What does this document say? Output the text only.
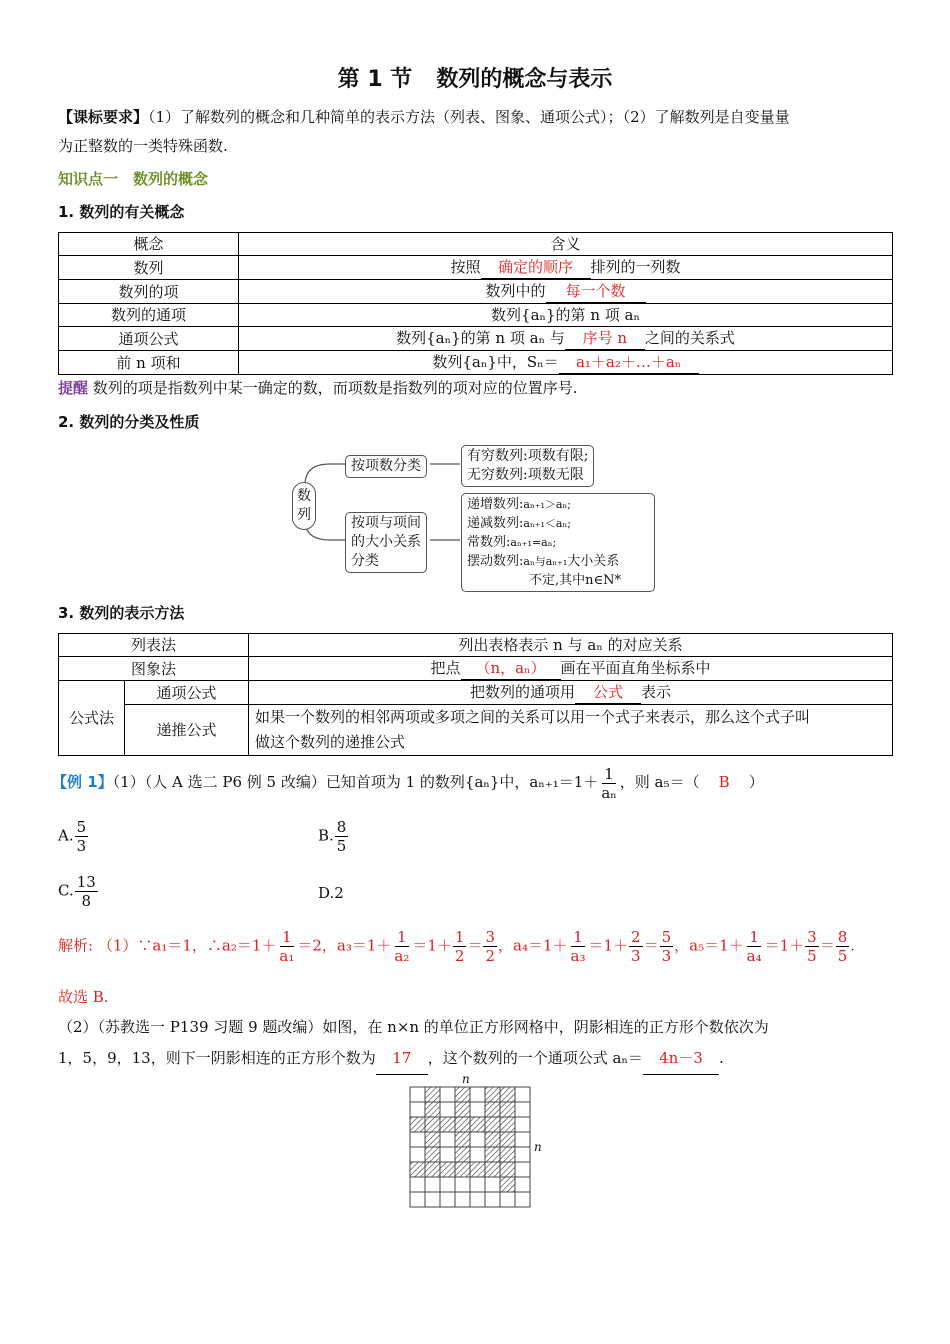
第 1 节 数列的概念与表示
【课标要求】（1）了解数列的概念和几种简单的表示方法（列表、图象、通项公式）；（2）了解数列是自变量量
为正整数的一类特殊函数.
知识点一　数列的概念
1. 数列的有关概念
概念	含义
数列	按照 确定的顺序 排列的一列数
数列的项	数列中的 每一个数
数列的通项	数列{aₙ}的第 n 项 aₙ
通项公式	数列{aₙ}的第 n 项 aₙ 与 序号 n 之间的关系式
前 n 项和	数列{aₙ}中，Sₙ＝ a₁＋a₂＋…＋aₙ
提醒 数列的项是指数列中某一确定的数，而项数是指数列的项对应的位置序号.
2. 数列的分类及性质
数列
按项数分类
有穷数列:项数有限;
无穷数列:项数无限
按项与项间
的大小关系
分类
递增数列:aₙ₊₁＞aₙ;
递减数列:aₙ₊₁＜aₙ;
常数列:aₙ₊₁=aₙ;
摆动数列:aₙ与aₙ₊₁大小关系
不定,其中n∈N*
3. 数列的表示方法
列表法		列出表格表示 n 与 aₙ 的对应关系
图象法		把点 （n，aₙ） 画在平面直角坐标系中
公式法	通项公式	把数列的通项用 公式 表示
	递推公式	如果一个数列的相邻两项或多项之间的关系可以用一个式子来表示，那么这个式子叫
做这个数列的递推公式
【例 1】（1）（人 A 选二 P6 例 5 改编）已知首项为 1 的数列{aₙ}中，$a_{n+1}=1+ \frac{1}{\text{aₙ}}$ ，则 a₅＝（ B ）
A. $\frac{5}{3}$	B. $\frac{8}{5}$
C. $\frac{13}{8}$	D.2
解析: （1）∵a₁＝1，∴a₂＝1＋ $\frac{1}{\text{a₁}} =2$，$a_3=1+ \frac{1}{\text{a₂}} =1+ \frac{1}{2} = \frac{3}{2}$ ，$a_4=1+ \frac{1}{\text{a₃}} =1+ \frac{2}{3} = \frac{5}{3}$ ，$a_5=1+ \frac{1}{\text{a₄}} =1+ \frac{3}{5} = \frac{8}{5}$ .
故选 B.
（2）（苏教选一 P139 习题 9 题改编）如图，在 n×n 的单位正方形网格中，阴影相连的正方形个数依次为
1，5，9，13，则下一阴影相连的正方形个数为 17 ，这个数列的一个通项公式 aₙ＝ 4n－3 .
n
n
